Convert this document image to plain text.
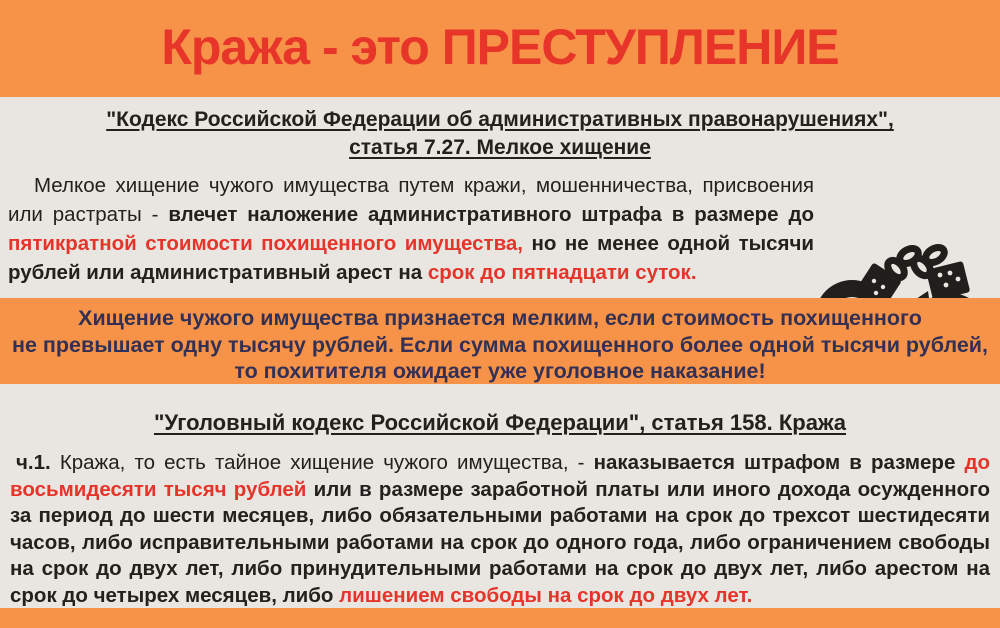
Кража - это ПРЕСТУПЛЕНИЕ
"Кодекс Российской Федерации об административных правонарушениях",
статья 7.27. Мелкое хищение
Мелкое хищение чужого имущества путем кражи, мошенничества, присвоения или растраты - влечет наложение административного штрафа в размере до пятикратной стоимости похищенного имущества, но не менее одной тысячи рублей или административный арест на срок до пятнадцати суток.
Хищение чужого имущества признается мелким, если стоимость похищенного
не превышает одну тысячу рублей. Если сумма похищенного более одной тысячи рублей,
то похитителя ожидает уже уголовное наказание!
"Уголовный кодекс Российской Федерации", статья 158. Кража
ч.1. Кража, то есть тайное хищение чужого имущества, - наказывается штрафом в размере до восьмидесяти тысяч рублей или в размере заработной платы или иного дохода осужденного за период до шести месяцев, либо обязательными работами на срок до трехсот шестидесяти часов, либо исправительными работами на срок до одного года, либо ограничением свободы на срок до двух лет, либо принудительными работами на срок до двух лет, либо арестом на срок до четырех месяцев, либо лишением свободы на срок до двух лет.
